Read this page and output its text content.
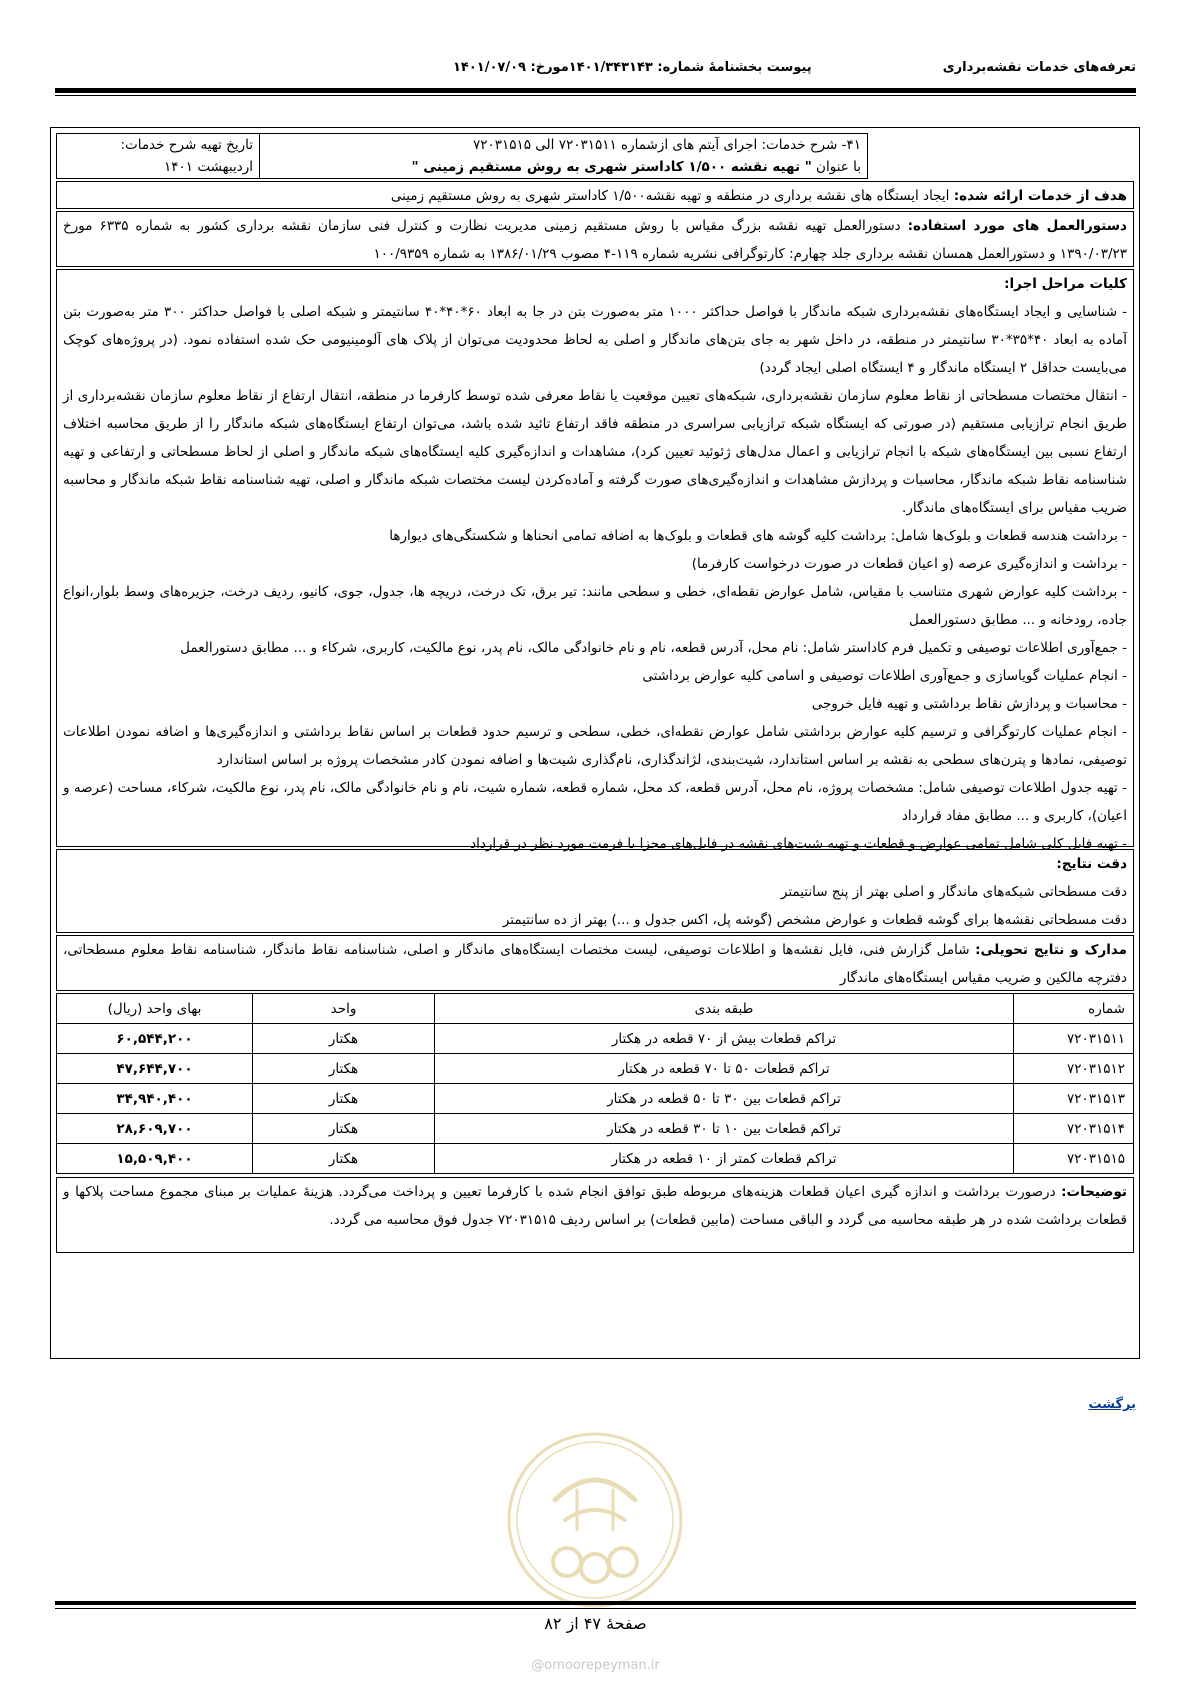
تعرفه‌های خدمات نقشه‌برداری
پیوست بخشنامهٔ شماره: ۱۴۰۱/۳۴۳۱۴۳مورخ: ۱۴۰۱/۰۷/۰۹
۴۱- شرح خدمات: اجرای آیتم های ازشماره ۷۲۰۳۱۵۱۱ الی ۷۲۰۳۱۵۱۵
با عنوان " تهیه نقشه ۱/۵۰۰ کاداستر شهری به روش مستقیم زمینی "
تاریخ تهیه شرح خدمات:
اردیبهشت ۱۴۰۱
هدف از خدمات ارائه شده: ایجاد ایستگاه های نقشه برداری در منطقه و تهیه نقشه۱/۵۰۰ کاداستر شهری به روش مستقیم زمینی
دستورالعمل های مورد استفاده: دستورالعمل تهیه نقشه بزرگ مقیاس با روش مستقیم زمینی مدیریت نظارت و کنترل فنی سازمان نقشه برداری کشور به شماره ۶۳۳۵ مورخ ۱۳۹۰/۰۳/۲۳ و دستورالعمل همسان نقشه برداری جلد چهارم: کارتوگرافی نشریه شماره ۱۱۹-۴ مصوب ۱۳۸۶/۰۱/۲۹ به شماره ۱۰۰/۹۳۵۹
کلیات مراحل اجرا:
- شناسایی و ایجاد ایستگاه‌های نقشه‌برداری شبکه ماندگار با فواصل حداکثر ۱۰۰۰ متر به‌صورت بتن در جا به ابعاد ۶۰*۴۰*۴۰ سانتیمتر و شبکه اصلی با فواصل حداکثر ۳۰۰ متر به‌صورت بتن آماده به ابعاد ۴۰*۳۵*۳۰ سانتیمتر در منطقه، در داخل شهر به جای بتن‌های ماندگار و اصلی به لحاظ محدودیت می‌توان از پلاک های آلومینیومی حک شده استفاده نمود. (در پروژه‌های کوچک می‌بایست حداقل ۲ ایستگاه ماندگار و ۴ ایستگاه اصلی ایجاد گردد)
- انتقال مختصات مسطحاتی از نقاط معلوم سازمان نقشه‌برداری، شبکه‌های تعیین موقعیت یا نقاط معرفی شده توسط کارفرما در منطقه، انتقال ارتفاع از نقاط معلوم سازمان نقشه‌برداری از طریق انجام ترازیابی مستقیم (در صورتی که ایستگاه شبکه ترازیابی سراسری در منطقه فاقد ارتفاع تائید شده باشد، می‌توان ارتفاع ایستگاه‌های شبکه ماندگار را از طریق محاسبه اختلاف ارتفاع نسبی بین ایستگاه‌های شبکه با انجام ترازیابی و اعمال مدل‌های ژئوئید تعیین کرد)، مشاهدات و اندازه‌گیری کلیه ایستگاه‌های شبکه ماندگار و اصلی از لحاظ مسطحاتی و ارتفاعی و تهیه شناسنامه نقاط شبکه ماندگار، محاسبات و پردازش مشاهدات و اندازه‌گیری‌های صورت گرفته و آماده‌کردن لیست مختصات شبکه ماندگار و اصلی، تهیه شناسنامه نقاط شبکه ماندگار و محاسبه ضریب مقیاس برای ایستگاه‌های ماندگار.
- برداشت هندسه قطعات و بلوک‌ها شامل: برداشت کلیه گوشه های قطعات و بلوک‌ها به اضافه تمامی انحناها و شکستگی‌های دیوارها
- برداشت و اندازه‌گیری عرصه (و اعیان قطعات در صورت درخواست کارفرما)
- برداشت کلیه عوارض شهری متناسب با مقیاس، شامل عوارض نقطه‌ای، خطی و سطحی مانند: تیر برق، تک درخت، دریچه ها، جدول، جوی، کانیو، ردیف درخت، جزیره‌های وسط بلوار،انواع جاده، رودخانه و ... مطابق دستورالعمل
- جمع‌آوری اطلاعات توصیفی و تکمیل فرم کاداستر شامل: نام محل، آدرس قطعه، نام و نام خانوادگی مالک، نام پدر، نوع مالکیت، کاربری، شرکاء و ... مطابق دستورالعمل
- انجام عملیات گویاسازی و جمع‌آوری اطلاعات توصیفی و اسامی کلیه عوارض برداشتی
- محاسبات و پردازش نقاط برداشتی و تهیه فایل خروجی
- انجام عملیات کارتوگرافی و ترسیم کلیه عوارض برداشتی شامل عوارض نقطه‌ای، خطی، سطحی و ترسیم حدود قطعات بر اساس نقاط برداشتی و اندازه‌گیری‌ها و اضافه نمودن اطلاعات توصیفی، نمادها و پترن‌های سطحی به نقشه بر اساس استاندارد، شیت‌بندی، لژاندگذاری، نام‌گذاری شیت‌ها و اضافه نمودن کادر مشخصات پروژه بر اساس استاندارد
- تهیه جدول اطلاعات توصیفی شامل: مشخصات پروژه، نام محل، آدرس قطعه، کد محل، شماره قطعه، شماره شیت، نام و نام خانوادگی مالک، نام پدر، نوع مالکیت، شرکاء، مساحت (عرصه و اعیان)، کاربری و ... مطابق مفاد قرارداد
- تهیه فایل کلی شامل تمامی عوارض و قطعات و تهیه شیت‌های نقشه در فایل‌های مجزا با فرمت مورد نظر در قرارداد
دقت نتایج:
دقت مسطحاتی شبکه‌های ماندگار و اصلی بهتر از پنج سانتیمتر
دقت مسطحاتی نقشه‌ها برای گوشه قطعات و عوارض مشخص (گوشه پل، اکس جدول و ...) بهتر از ده سانتیمتر
مدارک و نتایج تحویلی: شامل گزارش فنی، فایل نقشه‌ها و اطلاعات توصیفی، لیست مختصات ایستگاه‌های ماندگار و اصلی، شناسنامه نقاط ماندگار، شناسنامه نقاط معلوم مسطحاتی، دفترچه مالکین و ضریب مقیاس ایستگاه‌های ماندگار
شماره	طبقه بندی	واحد	بهای واحد (ریال)
۷۲۰۳۱۵۱۱	تراکم قطعات بیش از ۷۰ قطعه در هکتار	هکتار	۶۰,۵۴۴,۲۰۰
۷۲۰۳۱۵۱۲	تراکم قطعات ۵۰ تا ۷۰ قطعه در هکتار	هکتار	۴۷,۶۴۴,۷۰۰
۷۲۰۳۱۵۱۳	تراکم قطعات بین ۳۰ تا ۵۰ قطعه در هکتار	هکتار	۳۴,۹۴۰,۴۰۰
۷۲۰۳۱۵۱۴	تراکم قطعات بین ۱۰ تا ۳۰ قطعه در هکتار	هکتار	۲۸,۶۰۹,۷۰۰
۷۲۰۳۱۵۱۵	تراکم قطعات کمتر از ۱۰ قطعه در هکتار	هکتار	۱۵,۵۰۹,۴۰۰
توضیحات: درصورت برداشت و اندازه گیری اعیان قطعات هزینه‌های مربوطه طبق توافق انجام شده با کارفرما تعیین و پرداخت می‌گردد. هزینهٔ عملیات بر مبنای مجموع مساحت پلاکها و قطعات برداشت شده در هر طبقه محاسبه می گردد و الباقی مساحت (مابین قطعات) بر اساس ردیف ۷۲۰۳۱۵۱۵ جدول فوق محاسبه می گردد.
برگشت
صفحهٔ ۴۷ از ۸۲
@omoorepeyman.ir
